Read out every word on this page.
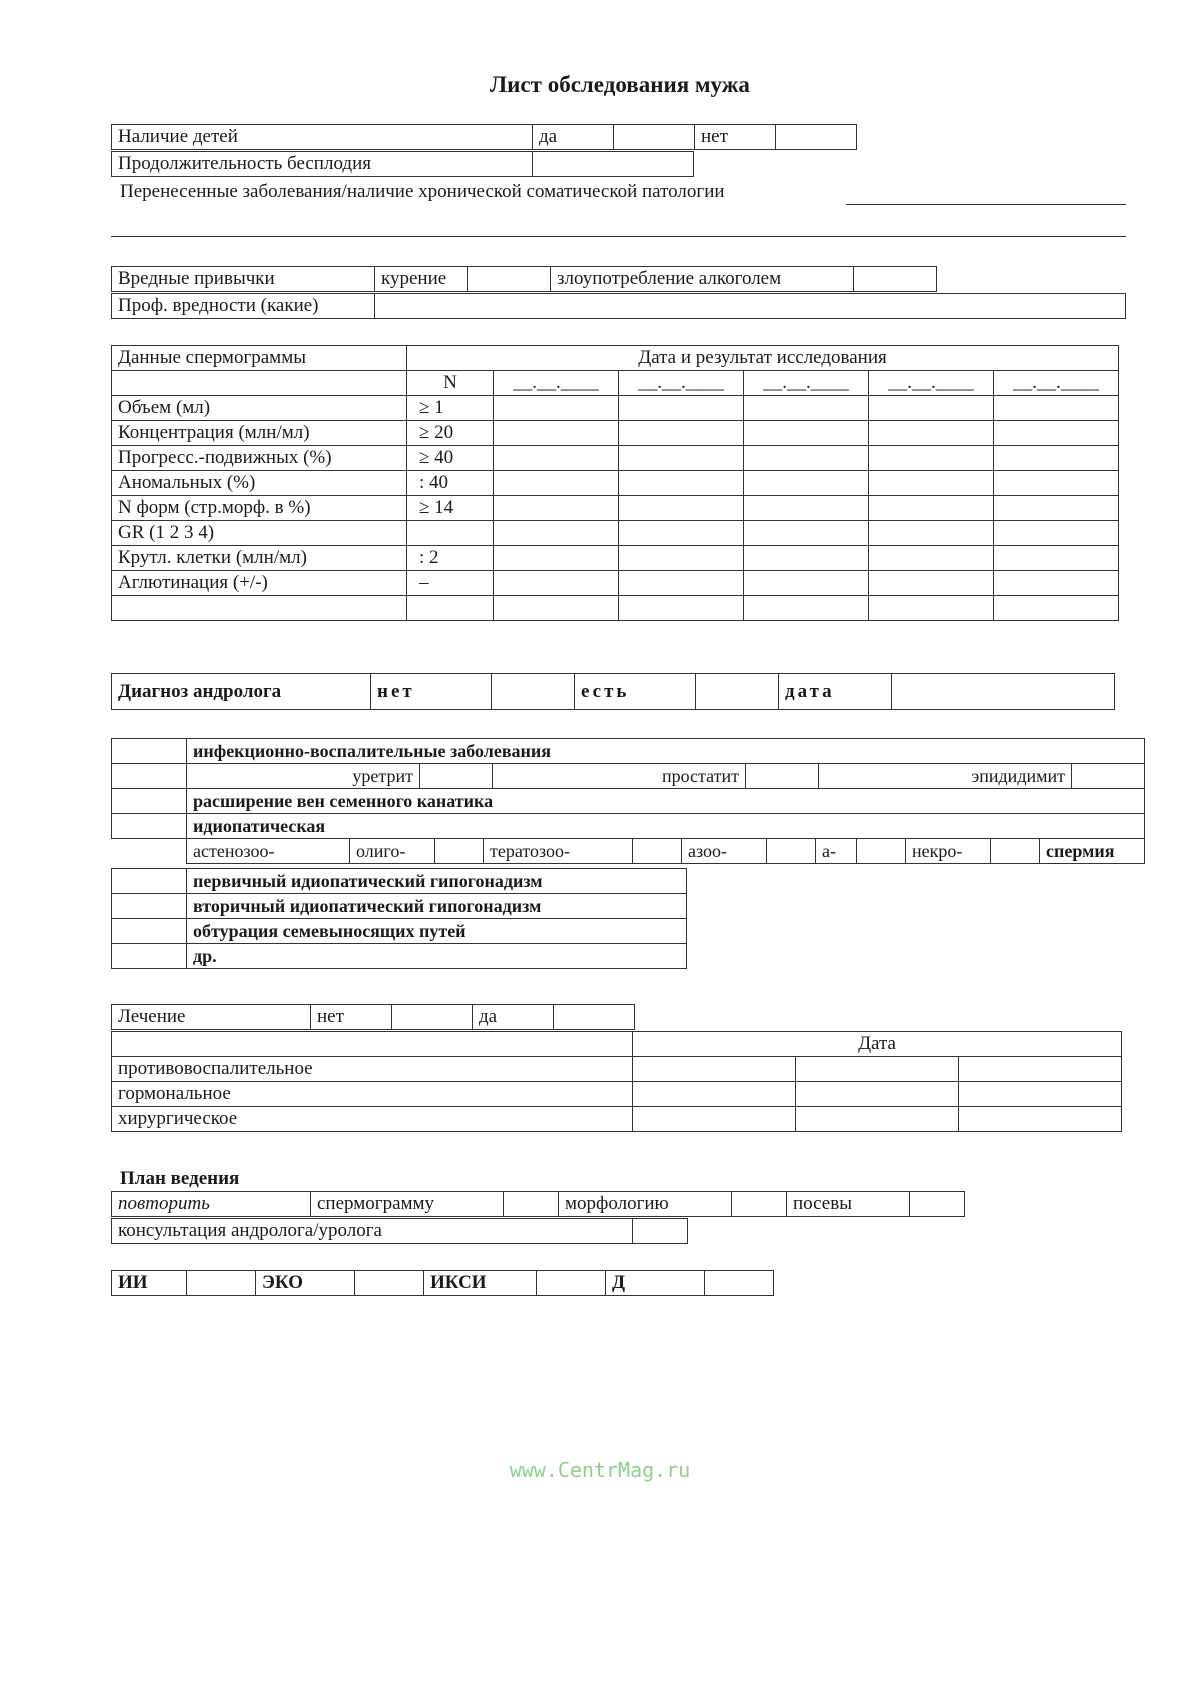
Лист обследования мужа
Наличие детей	да		нет	
Продолжительность бесплодия	
Перенесенные заболевания/наличие хронической соматической патологии
Вредные привычки	курение		злоупотребление алкоголем	
Проф. вредности (какие)	
Данные спермограммы	Дата и результат исследования					
	N	__.__.____	__.__.____	__.__.____	__.__.____	__.__.____
Объем (мл)	≥ 1					
Концентрация (млн/мл)	≥ 20					
Прогресс.-подвижных (%)	≥ 40					
Аномальных (%)	: 40					
N форм (стр.морф. в %)	≥ 14					
GR (1 2 3 4)						
Крутл. клетки (млн/мл)	: 2					
Аглютинация (+/-)	–					

Диагноз андролога	нет		есть		дата	
	инфекционно-воспалительные заболевания

уретрит		простатит		эпидидимит	

	расширение вен семенного канатика
	идиопатическая

астенозоо-	олиго-		тератозоо-		азоо-		а-		некро-		спермия
	первичный идиопатический гипогонадизм
	вторичный идиопатический гипогонадизм
	обтурация семевыносящих путей
	др.
Лечение	нет		да	
	Дата		
противовоспалительное			
гормональное			
хирургическое			
План ведения
повторить	спермограмму		морфологию		посевы	
консультация андролога/уролога	
ИИ		ЭКО		ИКСИ		Д	
www.CentrMag.ru
